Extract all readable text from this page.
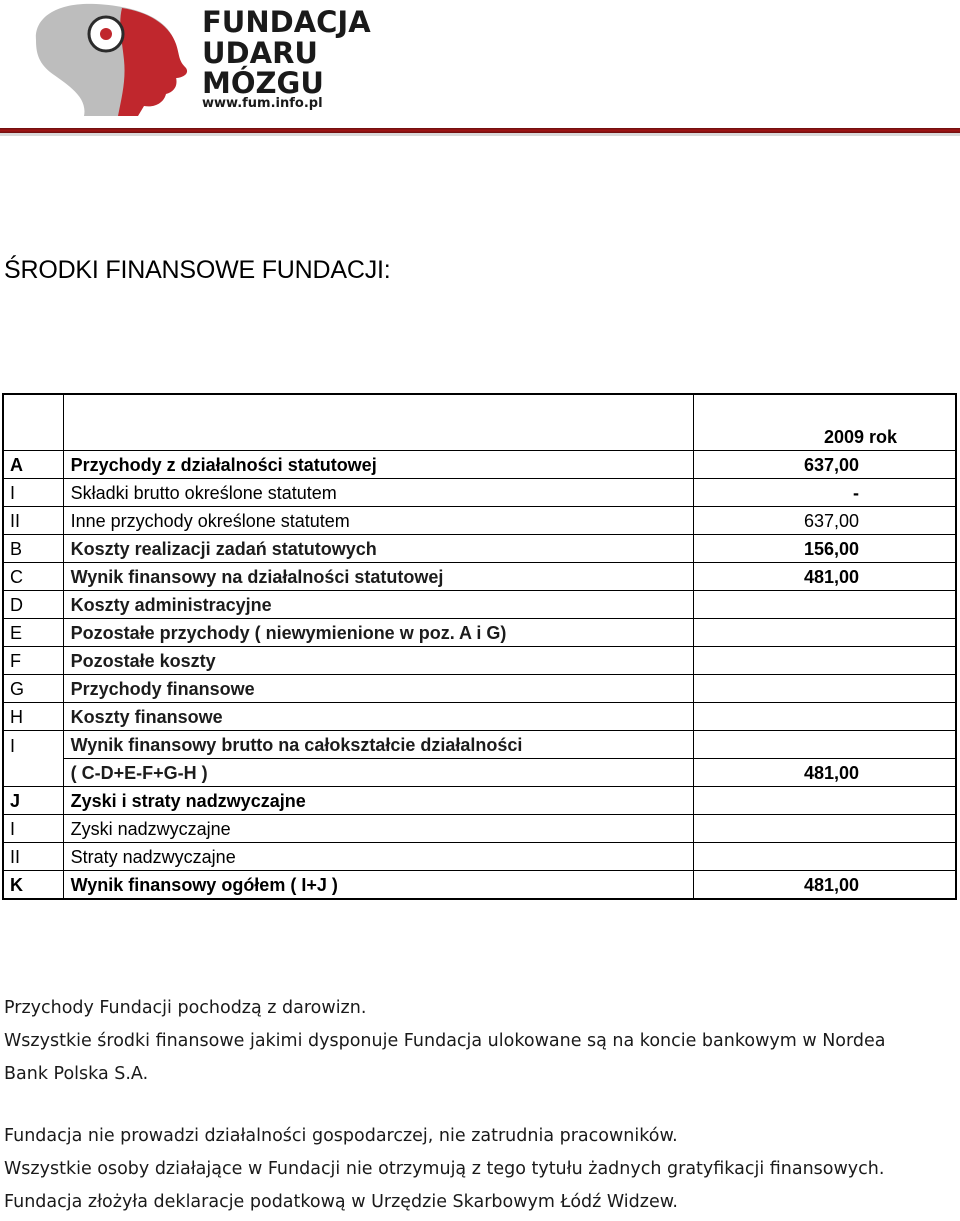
FUNDACJA
UDARU
MÓZGU
www.fum.info.pl
ŚRODKI FINANSOWE FUNDACJI:
		2009 rok
A	Przychody z działalności statutowej	637,00
I	Składki brutto określone statutem	-
II	Inne przychody określone statutem	637,00
B	Koszty realizacji zadań statutowych	156,00
C	Wynik finansowy na działalności statutowej	481,00
D	Koszty administracyjne	
E	Pozostałe przychody ( niewymienione w poz. A i G)	
F	Pozostałe koszty	
G	Przychody finansowe	
H	Koszty finansowe	
I	Wynik finansowy brutto na całokształcie działalności	
	( C-D+E-F+G-H )	481,00
J	Zyski i straty nadzwyczajne	
I	Zyski nadzwyczajne	
II	Straty nadzwyczajne	
K	Wynik finansowy ogółem ( I+J )	481,00
Przychody Fundacji pochodzą z darowizn.
Wszystkie środki finansowe jakimi dysponuje Fundacja ulokowane są na koncie bankowym w Nordea
Bank Polska S.A.
Fundacja nie prowadzi działalności gospodarczej, nie zatrudnia pracowników.
Wszystkie osoby działające w Fundacji nie otrzymują z tego tytułu żadnych gratyfikacji finansowych.
Fundacja złożyła deklaracje podatkową w Urzędzie Skarbowym Łódź Widzew.
